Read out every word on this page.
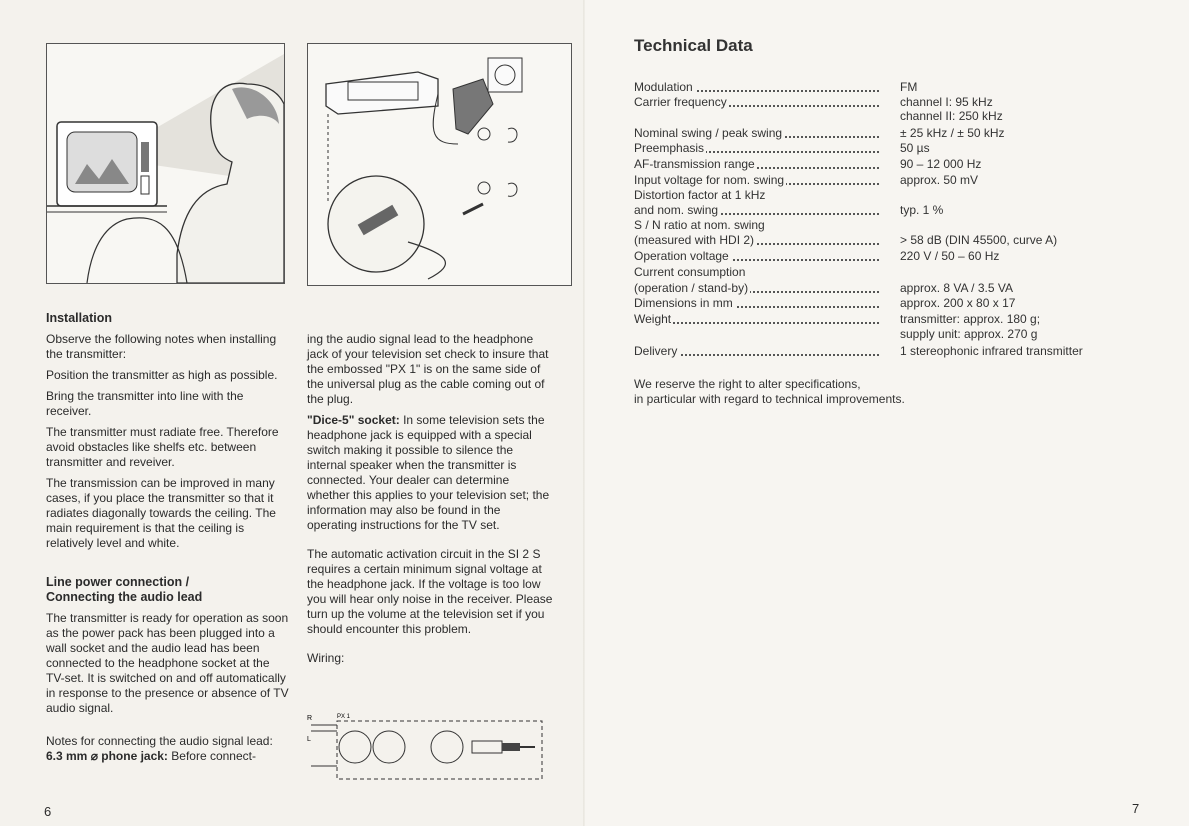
Installation

Observe the following notes when installing the transmitter:

Position the transmitter as high as possible.

Bring the transmitter into line with the receiver.

The transmitter must radiate free. Therefore avoid obstacles like shelfs etc. between transmitter and reveiver.

The transmission can be improved in many cases, if you place the transmitter so that it radiates diagonally towards the ceiling. The main requirement is that the ceiling is relatively level and white.

Line power connection /
Connecting the audio lead

The transmitter is ready for operation as soon as the power pack has been plugged into a wall socket and the audio lead has been connected to the headphone socket at the TV-set. It is switched on and off automatically in response to the presence or absence of TV audio signal.

Notes for connecting the audio signal lead:

6.3 mm ⌀ phone jack: Before connect-

ing the audio signal lead to the headphone jack of your television set check to insure that the embossed "PX 1" is on the same side of the universal plug as the cable coming out of the plug.

"Dice-5" socket: In some television sets the headphone jack is equipped with a special switch making it possible to silence the internal speaker when the transmitter is connected. Your dealer can determine whether this applies to your television set; the information may also be found in the operating instructions for the TV set.

The automatic activation circuit in the SI 2 S requires a certain minimum signal voltage at the headphone jack. If the voltage is too low you will hear only noise in the receiver. Please turn up the volume at the television set if you should encounter this problem.

Wiring:

R
L
PX 1
6
Technical Data
Modulation	FM
Carrier frequency	channel I: 95 kHz
channel II: 250 kHz
Nominal swing / peak swing	± 25 kHz / ± 50 kHz
Preemphasis	50 µs
AF-transmission range	90 – 12 000 Hz
Input voltage for nom. swing	approx. 50 mV
Distortion factor at 1 kHz
and nom. swing	typ. 1 %
S / N ratio at nom. swing
(measured with HDI 2)	> 58 dB (DIN 45500, curve A)
Operation voltage	220 V / 50 – 60 Hz
Current consumption
(operation / stand-by)	approx. 8 VA / 3.5 VA
Dimensions in mm	approx. 200 x 80 x 17
Weight	transmitter: approx. 180 g;
supply unit: approx. 270 g
Delivery	1 stereophonic infrared transmitter
We reserve the right to alter specifications,
in particular with regard to technical improvements.
7
